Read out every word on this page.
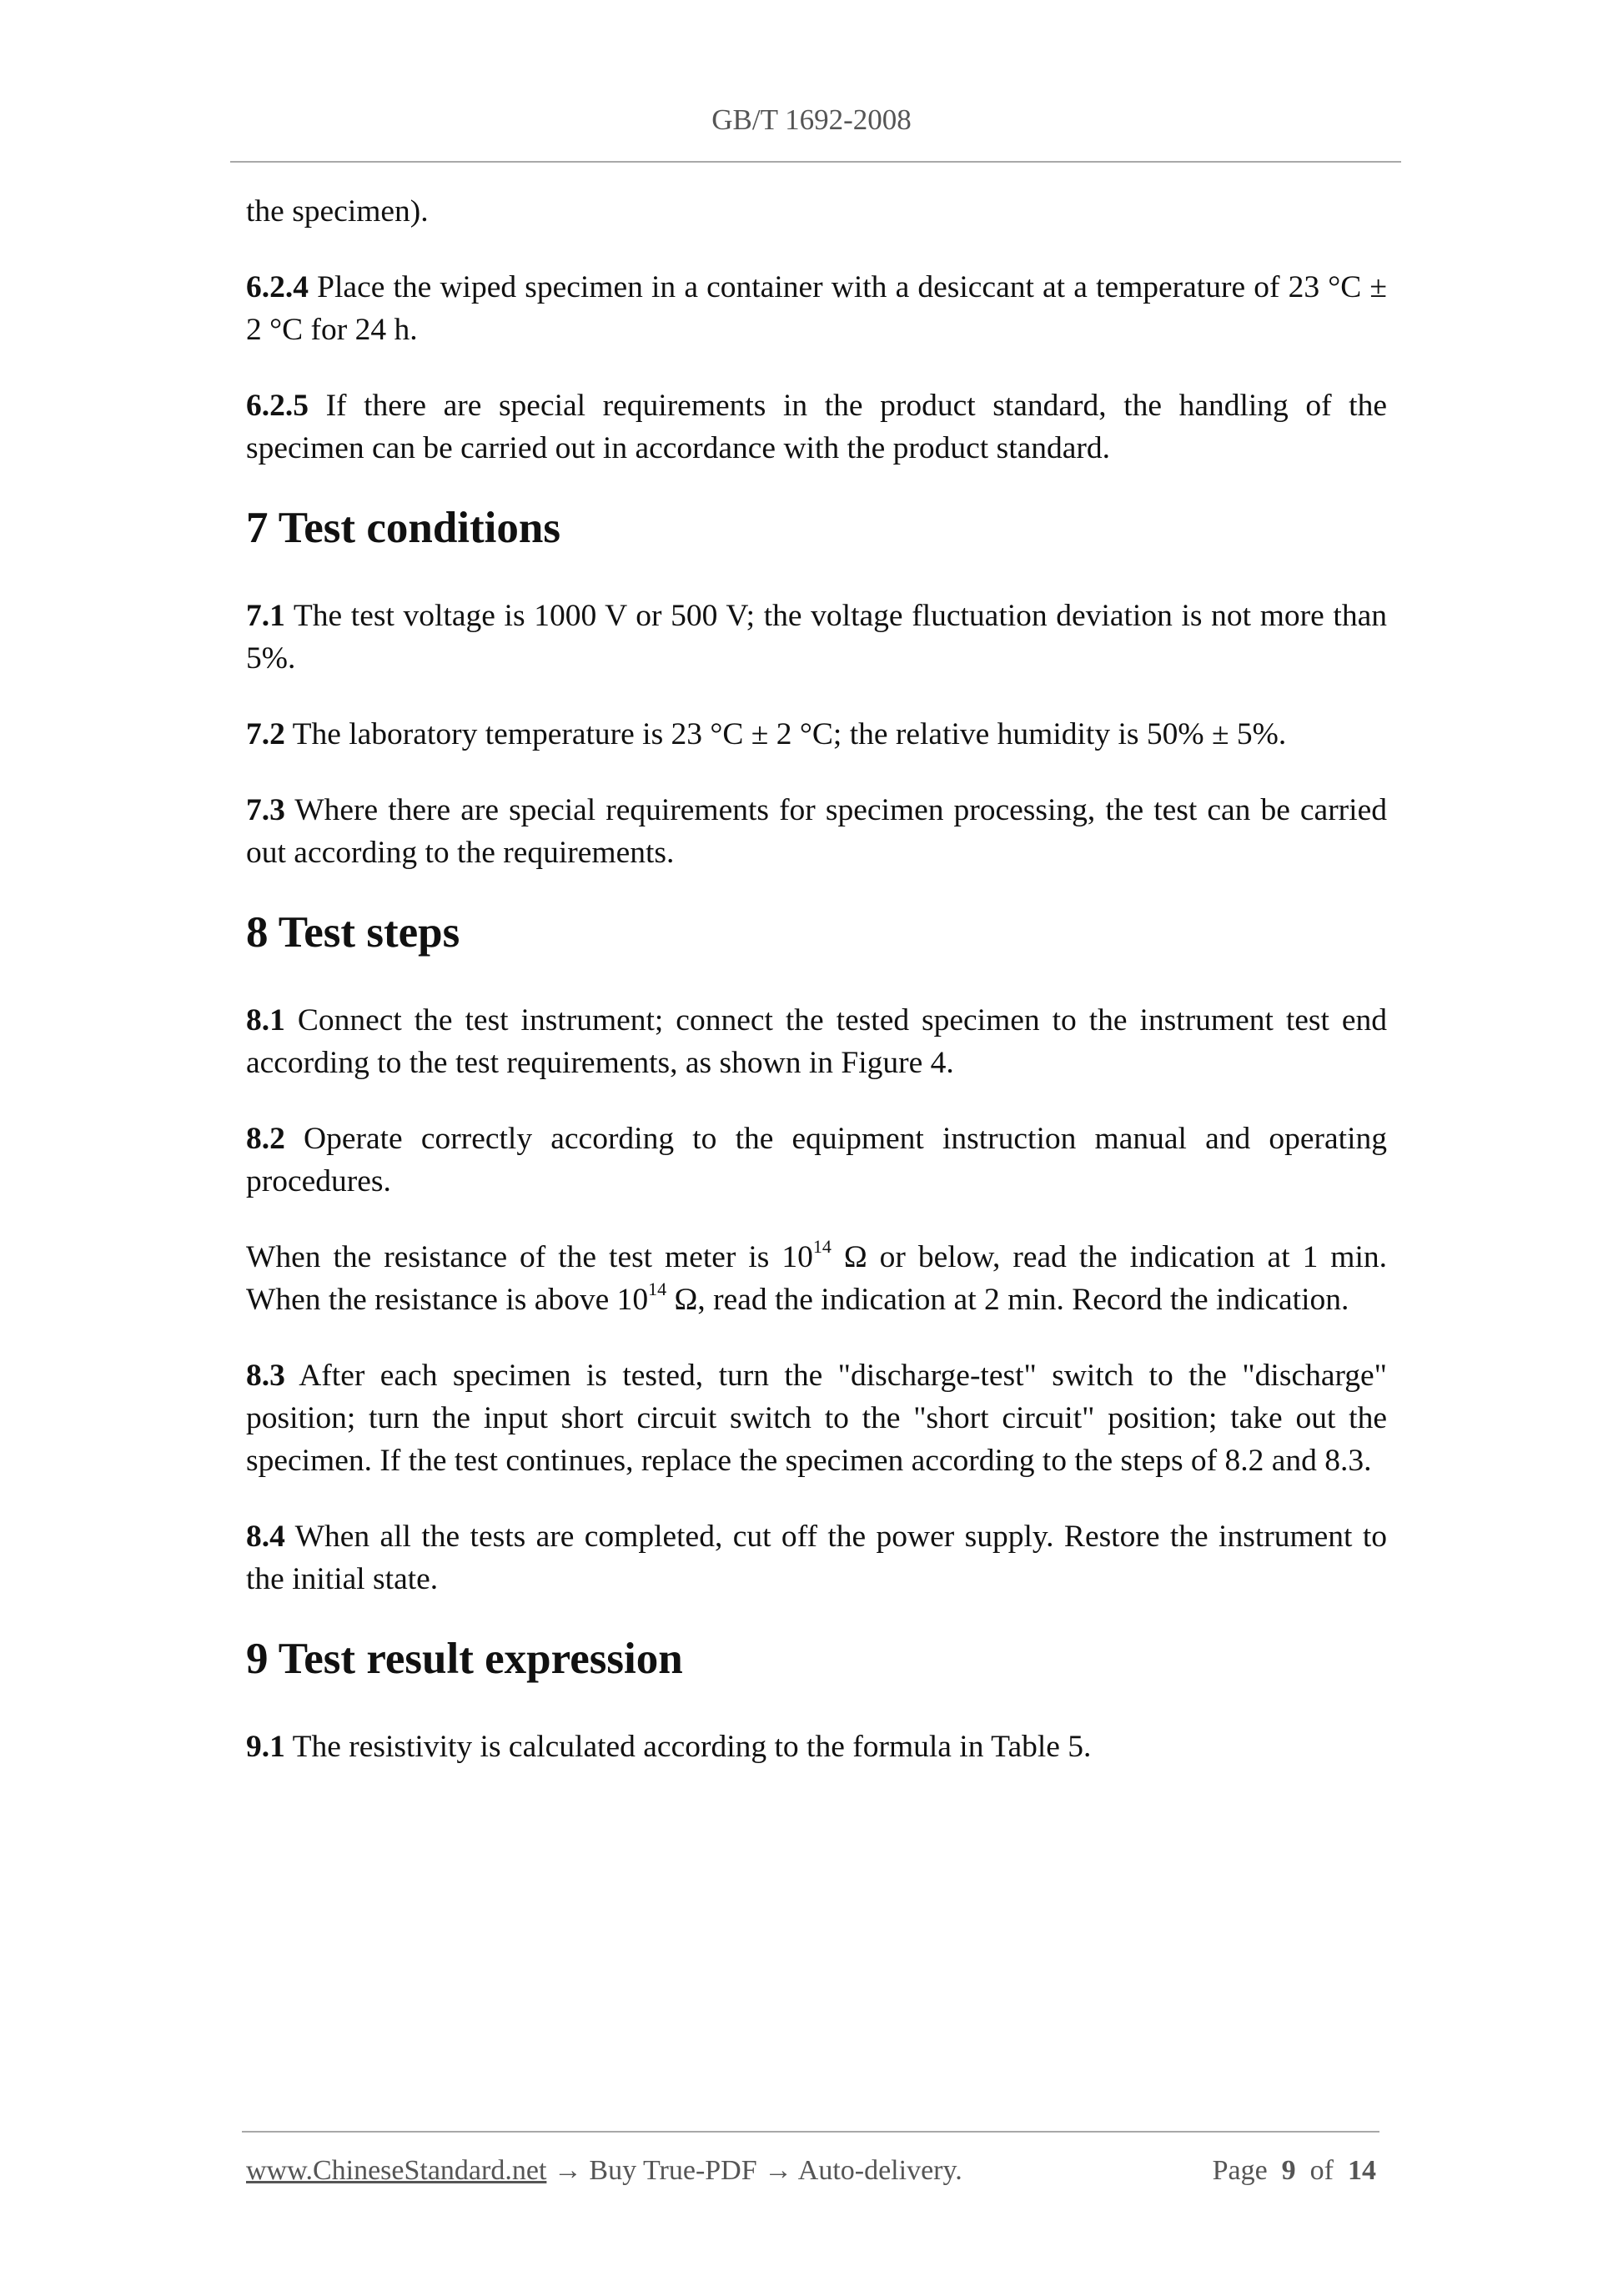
GB/T 1692-2008

the specimen).

6.2.4 Place the wiped specimen in a container with a desiccant at a temperature of 23 °C ± 2 °C for 24 h.

6.2.5 If there are special requirements in the product standard, the handling of the specimen can be carried out in accordance with the product standard.

7 Test conditions

7.1 The test voltage is 1000 V or 500 V; the voltage fluctuation deviation is not more than 5%.

7.2 The laboratory temperature is 23 °C ± 2 °C; the relative humidity is 50% ± 5%.

7.3 Where there are special requirements for specimen processing, the test can be carried out according to the requirements.

8 Test steps

8.1 Connect the test instrument; connect the tested specimen to the instrument test end according to the test requirements, as shown in Figure 4.

8.2 Operate correctly according to the equipment instruction manual and operating procedures.

When the resistance of the test meter is $10^{14}$ Ω or below, read the indication at 1 min. When the resistance is above $10^{14}$ Ω, read the indication at 2 min. Record the indication.

8.3 After each specimen is tested, turn the "discharge-test" switch to the "discharge" position; turn the input short circuit switch to the "short circuit" position; take out the specimen. If the test continues, replace the specimen according to the steps of 8.2 and 8.3.

8.4 When all the tests are completed, cut off the power supply. Restore the instrument to the initial state.

9 Test result expression

9.1 The resistivity is calculated according to the formula in Table 5.

www.ChineseStandard.net → Buy True-PDF → Auto-delivery.	Page 9 of 14
